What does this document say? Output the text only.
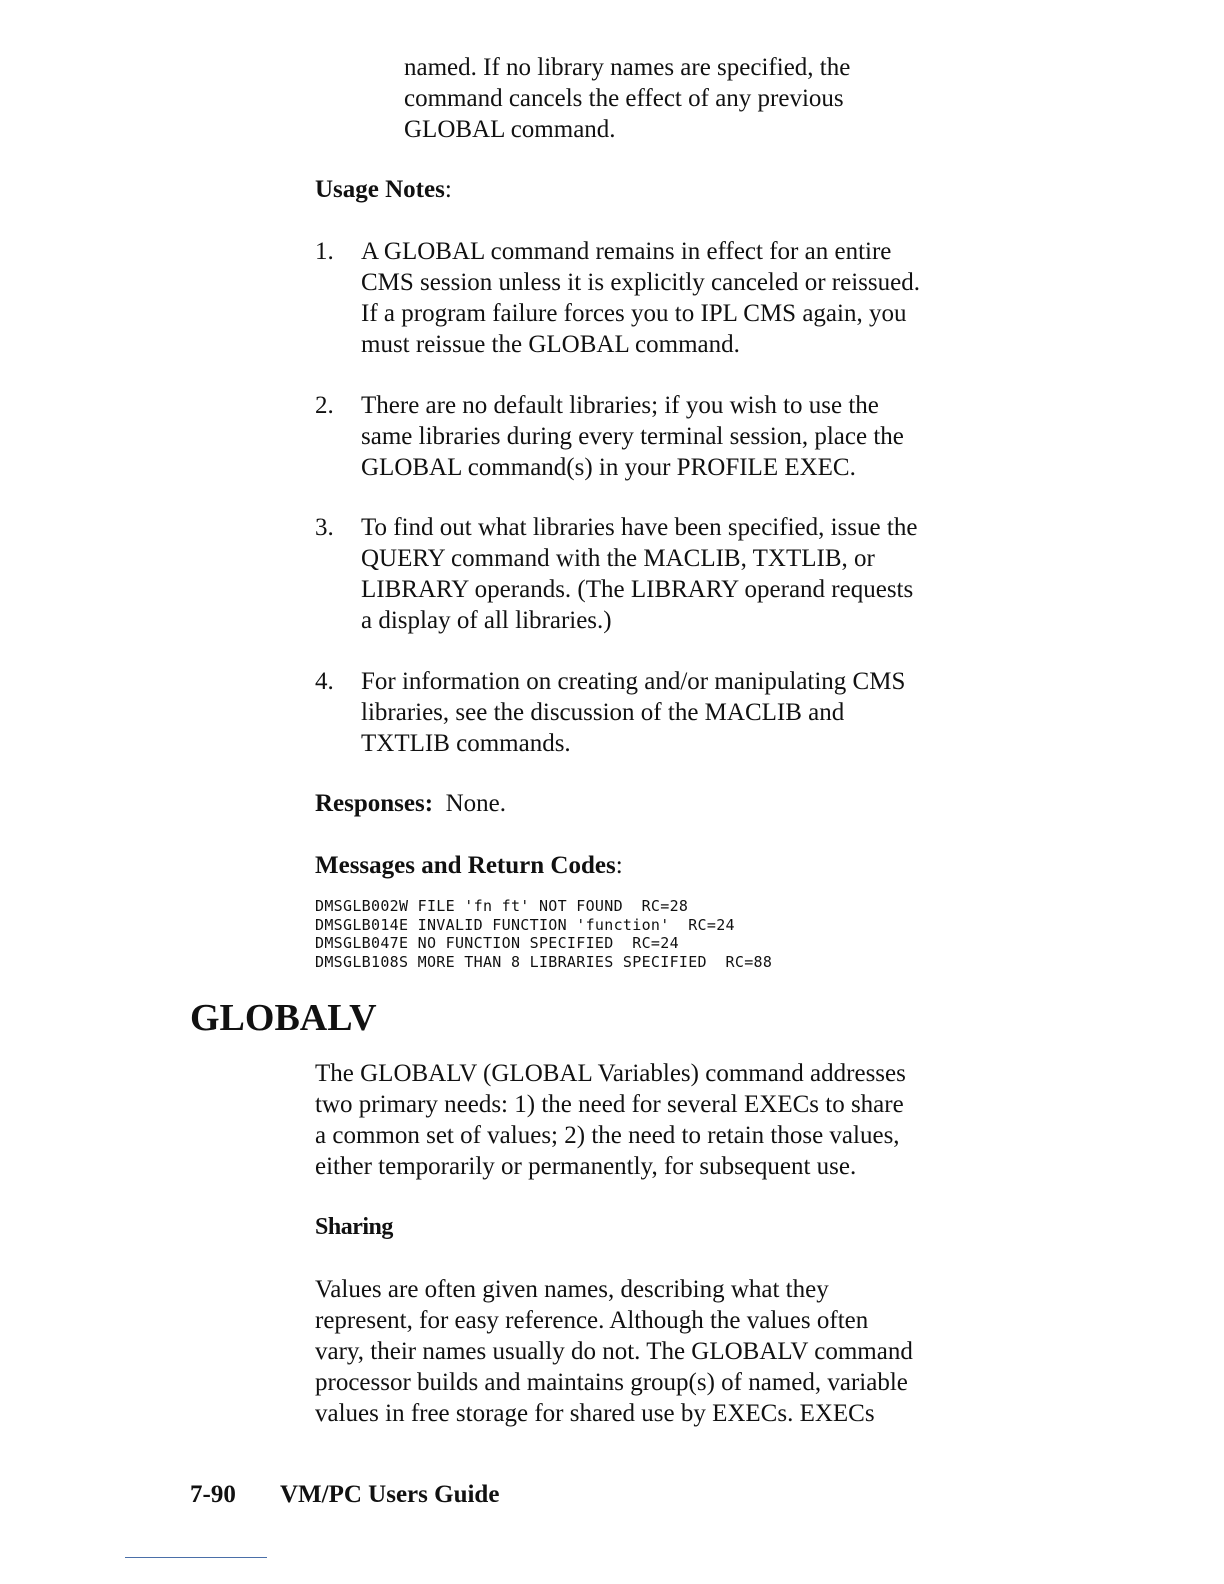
named. If no library names are specified, the
command cancels the effect of any previous
GLOBAL command.

Usage Notes:
1.	A GLOBAL command remains in effect for an entire
CMS session unless it is explicitly canceled or reissued.
If a program failure forces you to IPL CMS again, you
must reissue the GLOBAL command.
2.	There are no default libraries; if you wish to use the
same libraries during every terminal session, place the
GLOBAL command(s) in your PROFILE EXEC.
3.	To find out what libraries have been specified, issue the
QUERY command with the MACLIB, TXTLIB, or
LIBRARY operands. (The LIBRARY operand requests
a display of all libraries.)
4.	For information on creating and/or manipulating CMS
libraries, see the discussion of the MACLIB and
TXTLIB commands.
Responses: None.
Messages and Return Codes:
DMSGLB002W FILE 'fn ft' NOT FOUND  RC=28
DMSGLB014E INVALID FUNCTION 'function'  RC=24
DMSGLB047E NO FUNCTION SPECIFIED  RC=24
DMSGLB108S MORE THAN 8 LIBRARIES SPECIFIED  RC=88
GLOBALV

The GLOBALV (GLOBAL Variables) command addresses
two primary needs: 1) the need for several EXECs to share
a common set of values; 2) the need to retain those values,
either temporarily or permanently, for subsequent use.

Sharing

Values are often given names, describing what they
represent, for easy reference. Although the values often
vary, their names usually do not. The GLOBALV command
processor builds and maintains group(s) of named, variable
values in free storage for shared use by EXECs. EXECs

7-90 VM/PC Users Guide
